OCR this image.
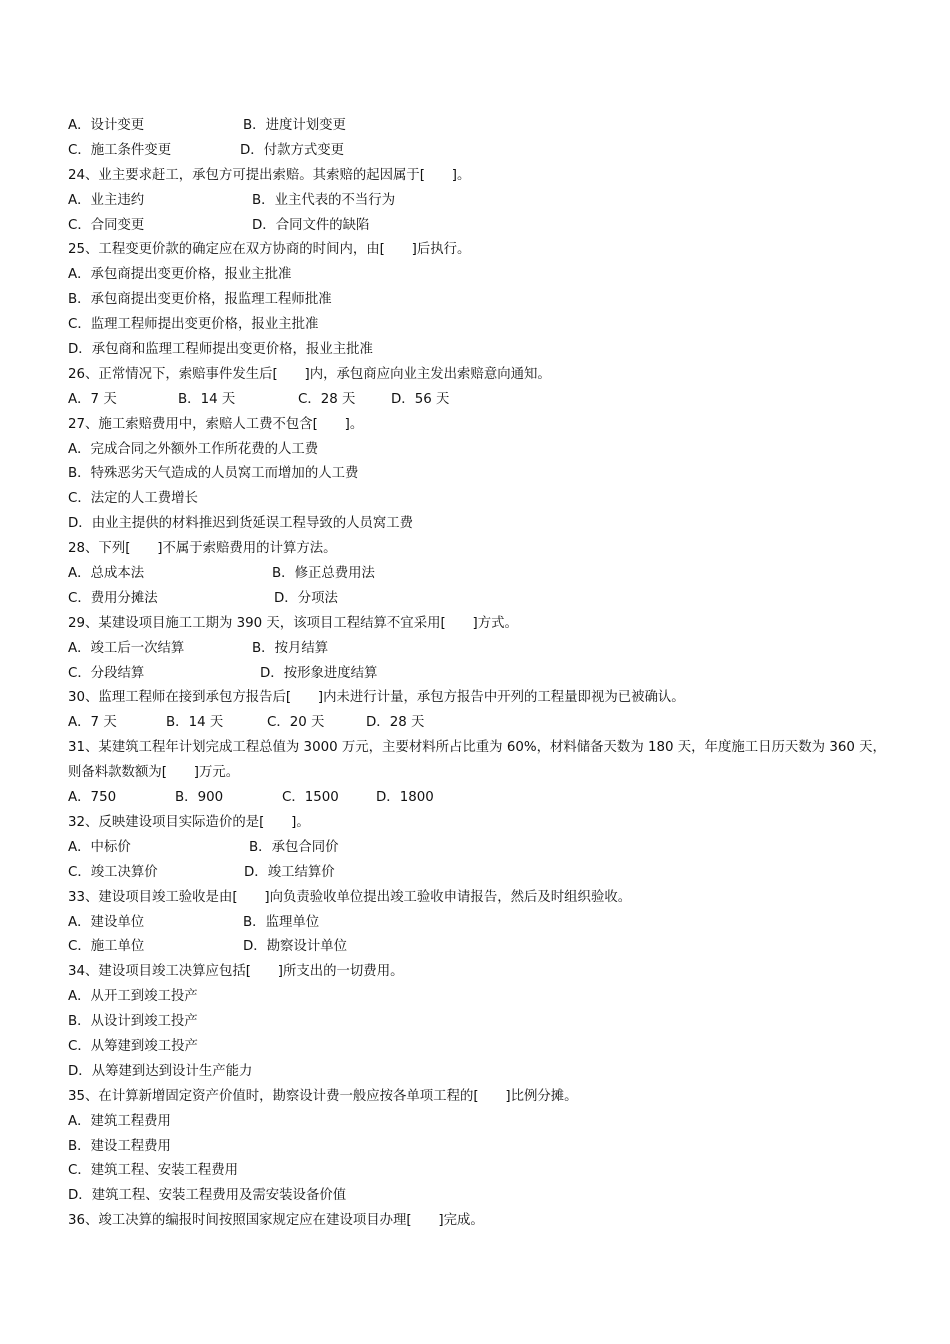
A．设计变更	B．进度计划变更
C．施工条件变更	D．付款方式变更
24、业主要求赶工，承包方可提出索赔。其索赔的起因属于[　　]。
A．业主违约	B．业主代表的不当行为
C．合同变更	D．合同文件的缺陷
25、工程变更价款的确定应在双方协商的时间内，由[　　]后执行。
A．承包商提出变更价格，报业主批准
B．承包商提出变更价格，报监理工程师批准
C．监理工程师提出变更价格，报业主批准
D．承包商和监理工程师提出变更价格，报业主批准
26、正常情况下，索赔事件发生后[　　]内，承包商应向业主发出索赔意向通知。
A．7 天	B．14 天	C．28 天	D．56 天
27、施工索赔费用中，索赔人工费不包含[　　]。
A．完成合同之外额外工作所花费的人工费
B．特殊恶劣天气造成的人员窝工而增加的人工费
C．法定的人工费增长
D．由业主提供的材料推迟到货延误工程导致的人员窝工费
28、下列[　　]不属于索赔费用的计算方法。
A．总成本法	B．修正总费用法
C．费用分摊法	D．分项法
29、某建设项目施工工期为 390 天，该项目工程结算不宜采用[　　]方式。
A．竣工后一次结算	B．按月结算
C．分段结算	D．按形象进度结算
30、监理工程师在接到承包方报告后[　　]内未进行计量，承包方报告中开列的工程量即视为已被确认。
A．7 天	B．14 天	C．20 天	D．28 天
31、某建筑工程年计划完成工程总值为 3000 万元，主要材料所占比重为 60%，材料储备天数为 180 天，年度施工日历天数为 360 天，则备料款数额为[　　]万元。
A．750	B．900	C．1500	D．1800
32、反映建设项目实际造价的是[　　]。
A．中标价	B．承包合同价
C．竣工决算价	D．竣工结算价
33、建设项目竣工验收是由[　　]向负责验收单位提出竣工验收申请报告，然后及时组织验收。
A．建设单位	B．监理单位
C．施工单位	D．勘察设计单位
34、建设项目竣工决算应包括[　　]所支出的一切费用。
A．从开工到竣工投产
B．从设计到竣工投产
C．从筹建到竣工投产
D．从筹建到达到设计生产能力
35、在计算新增固定资产价值时，勘察设计费一般应按各单项工程的[　　]比例分摊。
A．建筑工程费用
B．建设工程费用
C．建筑工程、安装工程费用
D．建筑工程、安装工程费用及需安装设备价值
36、竣工决算的编报时间按照国家规定应在建设项目办理[　　]完成。
